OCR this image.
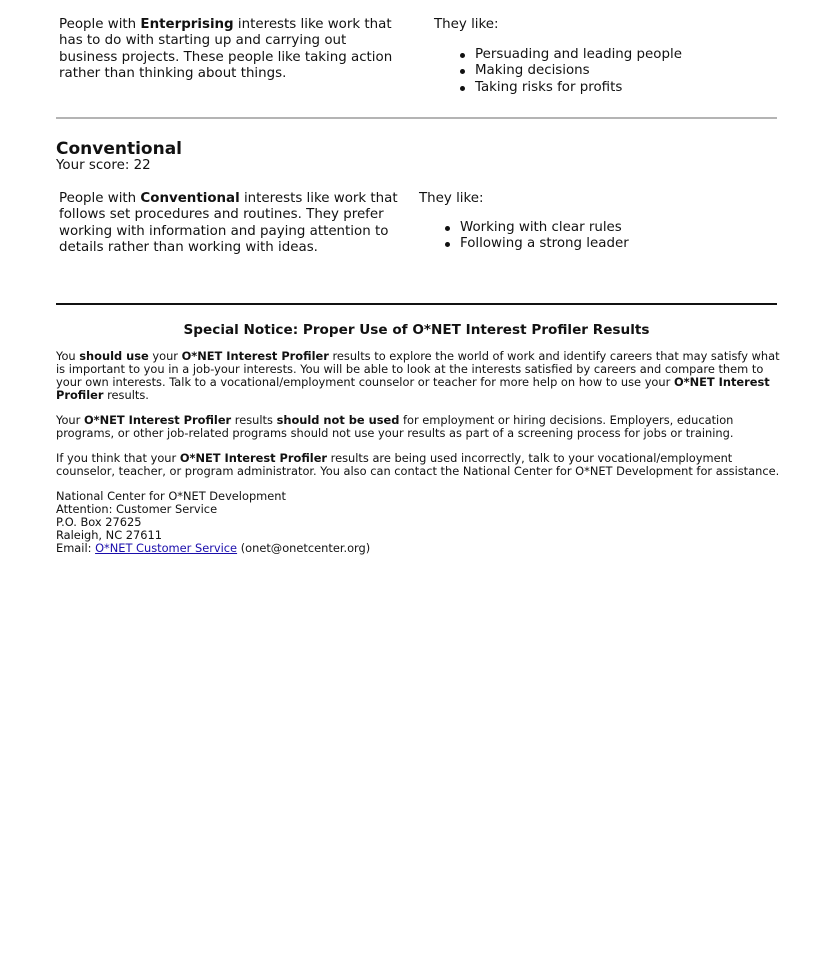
People with Enterprising interests like work that has to do with starting up and carrying out business projects. These people like taking action rather than thinking about things.
They like:
Persuading and leading people
Making decisions
Taking risks for profits
Conventional
Your score: 22
People with Conventional interests like work that follows set procedures and routines. They prefer working with information and paying attention to details rather than working with ideas.
They like:
Working with clear rules
Following a strong leader
Special Notice: Proper Use of O*NET Interest Profiler Results
You should use your O*NET Interest Profiler results to explore the world of work and identify careers that may satisfy what is important to you in a job-your interests. You will be able to look at the interests satisfied by careers and compare them to your own interests. Talk to a vocational/employment counselor or teacher for more help on how to use your O*NET Interest Profiler results.
Your O*NET Interest Profiler results should not be used for employment or hiring decisions. Employers, education programs, or other job-related programs should not use your results as part of a screening process for jobs or training.
If you think that your O*NET Interest Profiler results are being used incorrectly, talk to your vocational/employment counselor, teacher, or program administrator. You also can contact the National Center for O*NET Development for assistance.
National Center for O*NET Development
Attention: Customer Service
P.O. Box 27625
Raleigh, NC 27611
Email: O*NET Customer Service (onet@onetcenter.org)
